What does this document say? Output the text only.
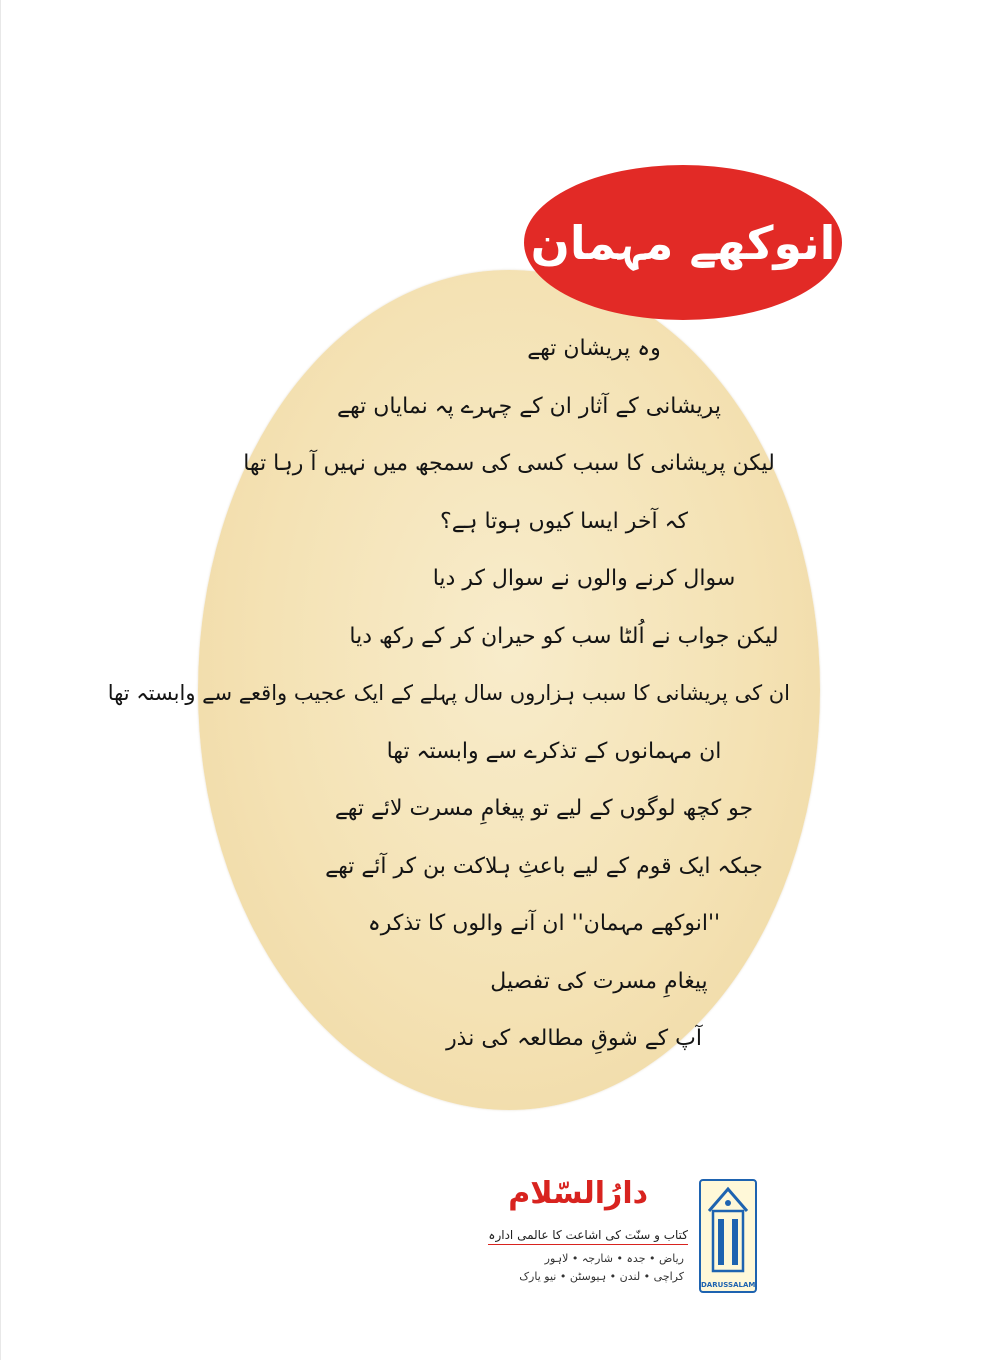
انوکھے مہمان
وہ پریشان تھے
پریشانی کے آثار ان کے چہرے پہ نمایاں تھے
لیکن پریشانی کا سبب کسی کی سمجھ میں نہیں آ رہا تھا
کہ آخر ایسا کیوں ہوتا ہے؟
سوال کرنے والوں نے سوال کر دیا
لیکن جواب نے اُلٹا سب کو حیران کر کے رکھ دیا
ان کی پریشانی کا سبب ہزاروں سال پہلے کے ایک عجیب واقعے سے وابستہ تھا
ان مہمانوں کے تذکرے سے وابستہ تھا
جو کچھ لوگوں کے لیے تو پیغامِ مسرت لائے تھے
جبکہ ایک قوم کے لیے باعثِ ہلاکت بن کر آئے تھے
''انوکھے مہمان'' ان آنے والوں کا تذکرہ
پیغامِ مسرت کی تفصیل
آپ کے شوقِ مطالعہ کی نذر
دارُالسّلام
کتاب و سنّت کی اشاعت کا عالمی ادارہ
ریاض • جدہ • شارجہ • لاہور
کراچی • لندن • ہیوسٹن • نیو یارک
DARUSSALAM
